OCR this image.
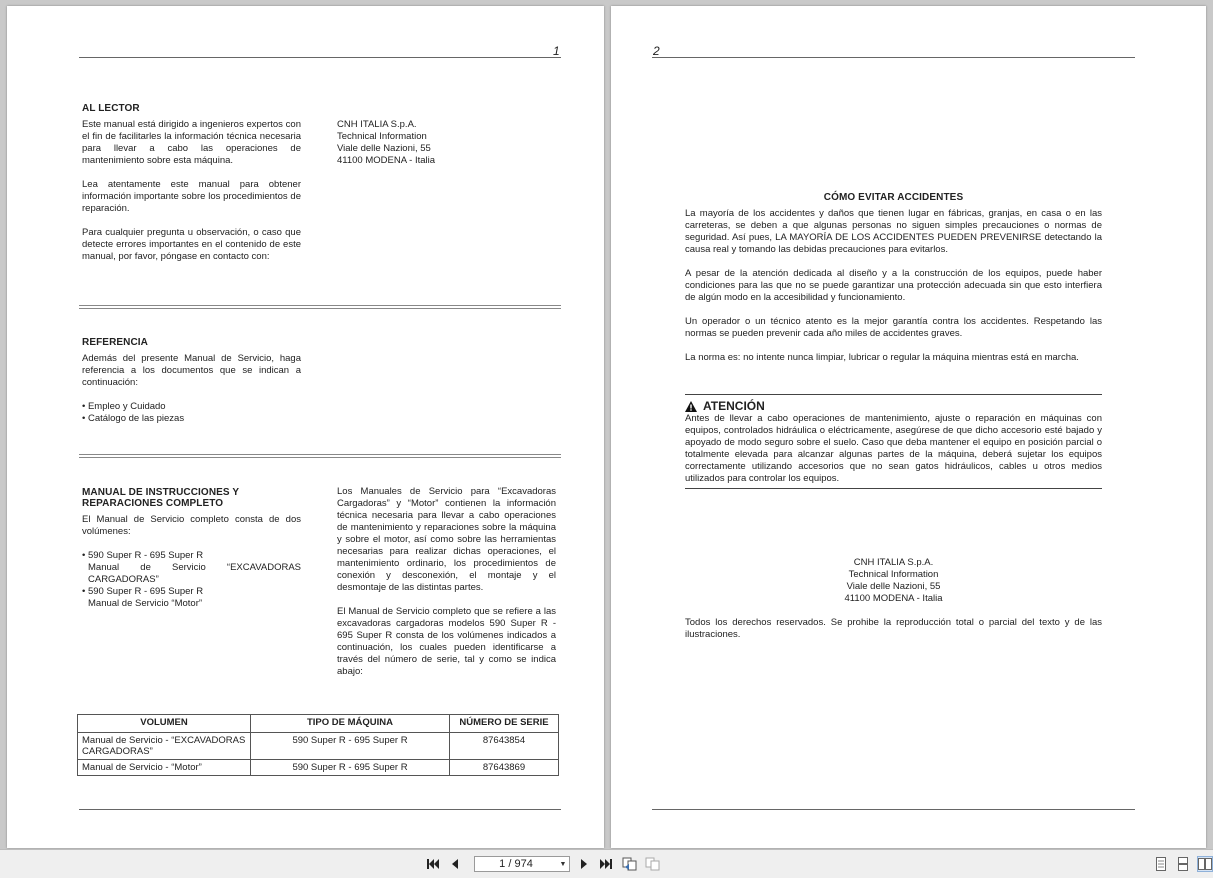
1
AL LECTOR

Este manual está dirigido a ingenieros expertos con el fin de facilitarles la información técnica necesaria para llevar a cabo las operaciones de mantenimiento sobre esta máquina.

Lea atentamente este manual para obtener información importante sobre los procedimientos de reparación.

Para cualquier pregunta u observación, o caso que detecte errores importantes en el contenido de este manual, por favor, póngase en contacto con:

CNH ITALIA S.p.A.
Technical Information
Viale delle Nazioni, 55
41100 MODENA - Italia
REFERENCIA

Además del presente Manual de Servicio, haga referencia a los documentos que se indican a continuación:

• Empleo y Cuidado
• Catálogo de las piezas
MANUAL DE INSTRUCCIONES Y
REPARACIONES COMPLETO

El Manual de Servicio completo consta de dos volúmenes:

• 590 Super R - 695 Super R
Manual de Servicio “EXCAVADORAS CARGADORAS”
• 590 Super R - 695 Super R
Manual de Servicio “Motor”

Los Manuales de Servicio para “Excavadoras Cargadoras” y “Motor” contienen la información técnica necesaria para llevar a cabo operaciones de mantenimiento y reparaciones sobre la máquina y sobre el motor, así como sobre las herramientas necesarias para realizar dichas operaciones, el mantenimiento ordinario, los procedimientos de conexión y desconexión, el montaje y el desmontaje de las distintas partes.

El Manual de Servicio completo que se refiere a las excavadoras cargadoras modelos 590 Super R - 695 Super R consta de los volúmenes indicados a continuación, los cuales pueden identificarse a través del número de serie, tal y como se indica abajo:

VOLUMEN	TIPO DE MÁQUINA	NÚMERO DE SERIE
Manual de Servicio - “EXCAVADORAS CARGADORAS”	590 Super R - 695 Super R	87643854
Manual de Servicio - “Motor”	590 Super R - 695 Super R	87643869
2
CÓMO EVITAR ACCIDENTES

La mayoría de los accidentes y daños que tienen lugar en fábricas, granjas, en casa o en las carreteras, se deben a que algunas personas no siguen simples precauciones o normas de seguridad. Así pues, LA MAYORÍA DE LOS ACCIDENTES PUEDEN PREVENIRSE detectando la causa real y tomando las debidas precauciones para evitarlos.

A pesar de la atención dedicada al diseño y a la construcción de los equipos, puede haber condiciones para las que no se puede garantizar una protección adecuada sin que esto interfiera de algún modo en la accesibilidad y funcionamiento.

Un operador o un técnico atento es la mejor garantía contra los accidentes. Respetando las normas se pueden prevenir cada año miles de accidentes graves.

La norma es: no intente nunca limpiar, lubricar o regular la máquina mientras está en marcha.

ATENCIÓN
Antes de llevar a cabo operaciones de mantenimiento, ajuste o reparación en máquinas con equipos, controlados hidráulica o eléctricamente, asegúrese de que dicho accesorio esté bajado y apoyado de modo seguro sobre el suelo. Caso que deba mantener el equipo en posición parcial o totalmente elevada para alcanzar algunas partes de la máquina, deberá sujetar los equipos correctamente utilizando accesorios que no sean gatos hidráulicos, cables u otros medios utilizados para controlar los equipos.
CNH ITALIA S.p.A.
Technical Information
Viale delle Nazioni, 55
41100 MODENA - Italia
Todos los derechos reservados. Se prohibe la reproducción total o parcial del texto y de las ilustraciones.
1 / 974	▼
